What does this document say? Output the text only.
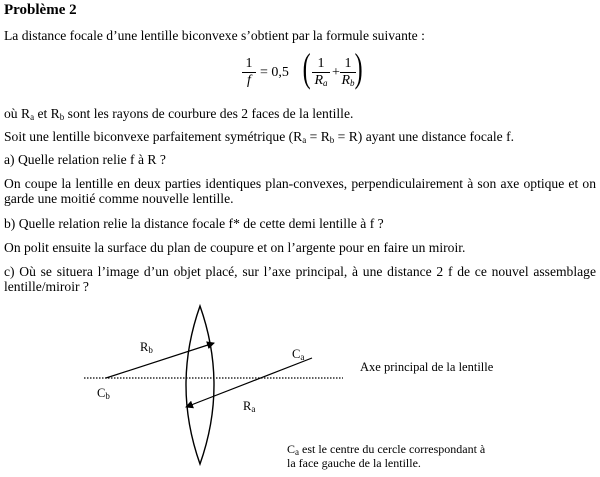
Problème 2

La distance focale d’une lentille biconvexe s’obtient par la formule suivante :

1
f
= 0,5 ( 1
$R_a$
+
1
$R_b$ )

où $R_a$ et $R_b$ sont les rayons de courbure des 2 faces de la lentille.

Soit une lentille biconvexe parfaitement symétrique $(R_a = R_b = R)$ ayant une distance focale f.

a) Quelle relation relie f à R ?

On coupe la lentille en deux parties identiques plan-convexes, perpendiculairement à son axe optique et on garde une moitié comme nouvelle lentille.

b) Quelle relation relie la distance focale f* de cette demi lentille à f ?

On polit ensuite la surface du plan de coupure et on l’argente pour en faire un miroir.

c) Où se situera l’image d’un objet placé, sur l’axe principal, à une distance 2 f de ce nouvel assemblage lentille/miroir ?

$R_b$	$C_a$
$C_b$
$R_a$
Axe principal de la lentille
$C_a$ est le centre du cercle correspondant à
la face gauche de la lentille.
